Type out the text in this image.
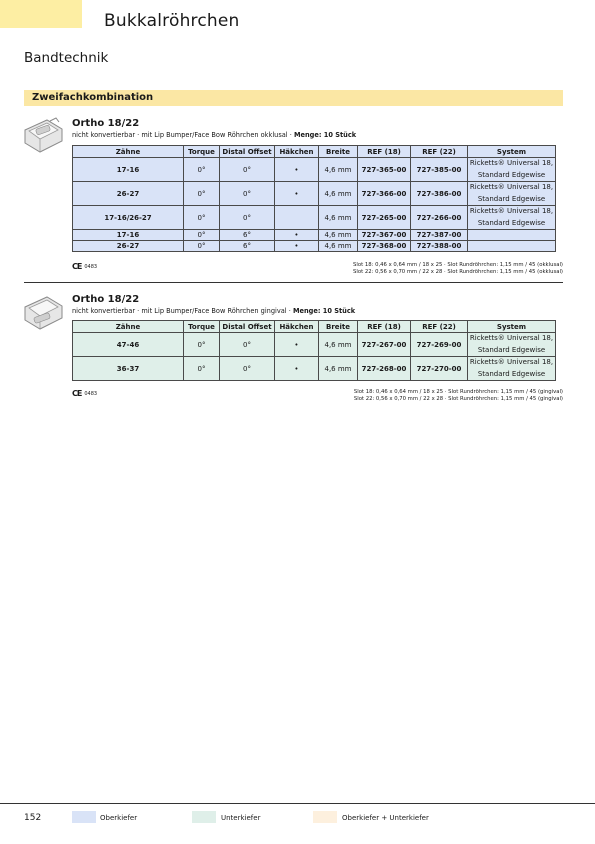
Bukkalröhrchen
Bandtechnik
Zweifachkombination
Ortho 18/22
nicht konvertierbar · mit Lip Bumper/Face Bow Röhrchen okklusal · Menge: 10 Stück
Zähne	Torque	Distal Offset	Häkchen	Breite	REF (18)	REF (22)	System
17-16	0°	0°	•	4,6 mm	727-365-00	727-385-00	Ricketts® Universal 18, Standard Edgewise
26-27	0°	0°	•	4,6 mm	727-366-00	727-386-00	Ricketts® Universal 18, Standard Edgewise
17-16/26-27	0°	0°		4,6 mm	727-265-00	727-266-00	Ricketts® Universal 18, Standard Edgewise
17-16	0°	6°	•	4,6 mm	727-367-00	727-387-00	
26-27	0°	6°	•	4,6 mm	727-368-00	727-388-00	
CE 0483	Slot 18: 0,46 x 0,64 mm / 18 x 25 · Slot Rundröhrchen: 1,15 mm / 45 (okklusal)
Slot 22: 0,56 x 0,70 mm / 22 x 28 · Slot Rundröhrchen: 1,15 mm / 45 (okklusal)
Ortho 18/22
nicht konvertierbar · mit Lip Bumper/Face Bow Röhrchen gingival · Menge: 10 Stück
Zähne	Torque	Distal Offset	Häkchen	Breite	REF (18)	REF (22)	System
47-46	0°	0°	•	4,6 mm	727-267-00	727-269-00	Ricketts® Universal 18, Standard Edgewise
36-37	0°	0°	•	4,6 mm	727-268-00	727-270-00	Ricketts® Universal 18, Standard Edgewise
CE 0483	Slot 18: 0,46 x 0,64 mm / 18 x 25 · Slot Rundröhrchen: 1,15 mm / 45 (gingival)
Slot 22: 0,56 x 0,70 mm / 22 x 28 · Slot Rundröhrchen: 1,15 mm / 45 (gingival)
152	Oberkiefer	Unterkiefer	Oberkiefer + Unterkiefer
